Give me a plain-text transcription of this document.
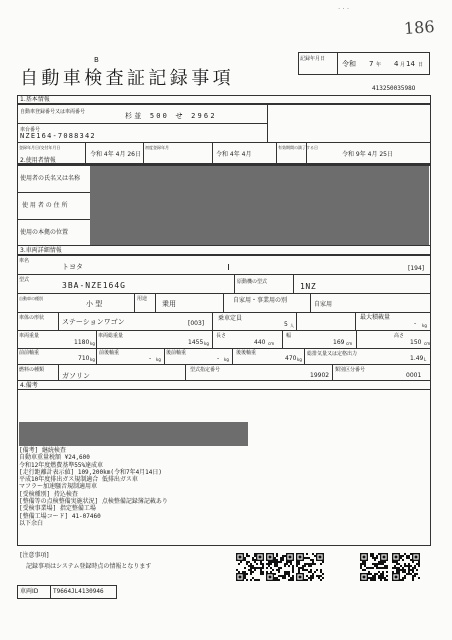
· · ·
186
B	記録年月日
令和 7 年 4 月 14 日
自動車検査証記録事項	41325003598O
1.基本情報
自動車登録番号又は車両番号	杉並 500 せ 2962
車台番号
NZE164-7088342
登録年月日/交付年月日
令和 4年 4月 26日
初度登録年月
令和 4年 4月
有効期間の満了する日
令和 9年 4月 25日
2.使用者情報
使用者の氏名又は名称
使 用 者 の 住 所
使用の本拠の位置
3.車両詳細情報
車名
トヨタ	[194]
型式
3BA-NZE164G	原動機の型式	1NZ
自動車の種別
小 型
用途
乗用	自家用・事業用の別
自家用
車体の形状	ステーションワゴン	[003]
乗車定員
5 人
最大積載量
- kg
車両重量
1180 kg
車両総重量
1455 kg
長さ
440 cm
幅
169 cm
高さ
150 cm
前前軸重
710 kg
前後軸重
- kg
後前軸重
- kg
後後軸重
470 kg
総排気量又は定格出力
1.49 L
燃料の種類
ガソリン
型式指定番号
19902
類別区分番号
0001
4.備考
[備考] 継続検査
自動車重量税額 ¥24,600
令和12年度燃費基準55%達成車
[走行距離計表示値] 109,200km(令和7年4月14日)
平成10年度排出ガス規制適合 低排出ガス車
マフラー加速騒音規制適用車
[受検種別] 持込検査
[整備等の点検整備実施状況] 点検整備記録簿記載あり
[受検事業場] 指定整備工場
[整備工場コード] 41-07460
以下余白
[注意事項]
記録事項はシステム登録時点の情報となります
車両ID T9664JL4130946
